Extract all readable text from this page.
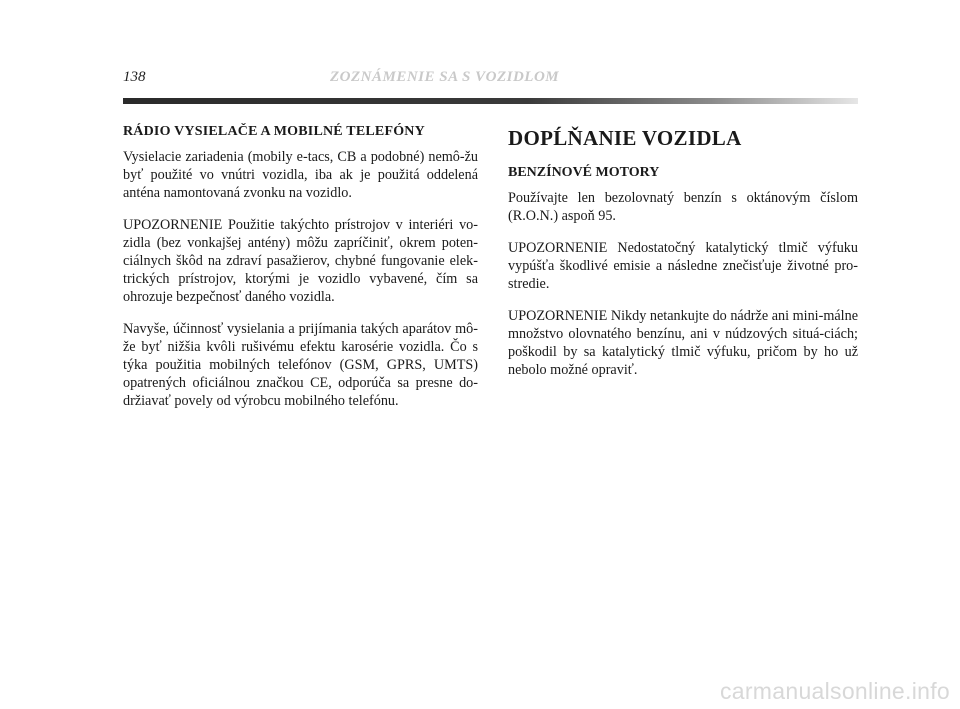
138	ZOZNÁMENIE SA S VOZIDLOM
RÁDIO VYSIELAČE A MOBILNÉ TELEFÓNY

Vysielacie zariadenia (mobily e-tacs, CB a podobné) nemô-žu byť použité vo vnútri vozidla, iba ak je použitá oddelená anténa namontovaná zvonku na vozidlo.

UPOZORNENIE Použitie takýchto prístrojov v interiéri vo-zidla (bez vonkajšej antény) môžu zapríčiniť, okrem poten-ciálnych škôd na zdraví pasažierov, chybné fungovanie elek-trických prístrojov, ktorými je vozidlo vybavené, čím sa ohrozuje bezpečnosť daného vozidla.

Navyše, účinnosť vysielania a prijímania takých aparátov mô-že byť nižšia kvôli rušivému efektu karosérie vozidla. Čo s týka použitia mobilných telefónov (GSM, GPRS, UMTS) opatrených oficiálnou značkou CE, odporúča sa presne do-držiavať povely od výrobcu mobilného telefónu.

DOPĹŇANIE VOZIDLA
BENZÍNOVÉ MOTORY

Používajte len bezolovnatý benzín s oktánovým číslom (R.O.N.) aspoň 95.

UPOZORNENIE Nedostatočný katalytický tlmič výfuku vypúšťa škodlivé emisie a následne znečisťuje životné pro-stredie.

UPOZORNENIE Nikdy netankujte do nádrže ani mini-málne množstvo olovnatého benzínu, ani v núdzových situá-ciách; poškodil by sa katalytický tlmič výfuku, pričom by ho už nebolo možné opraviť.

carmanualsonline.info
